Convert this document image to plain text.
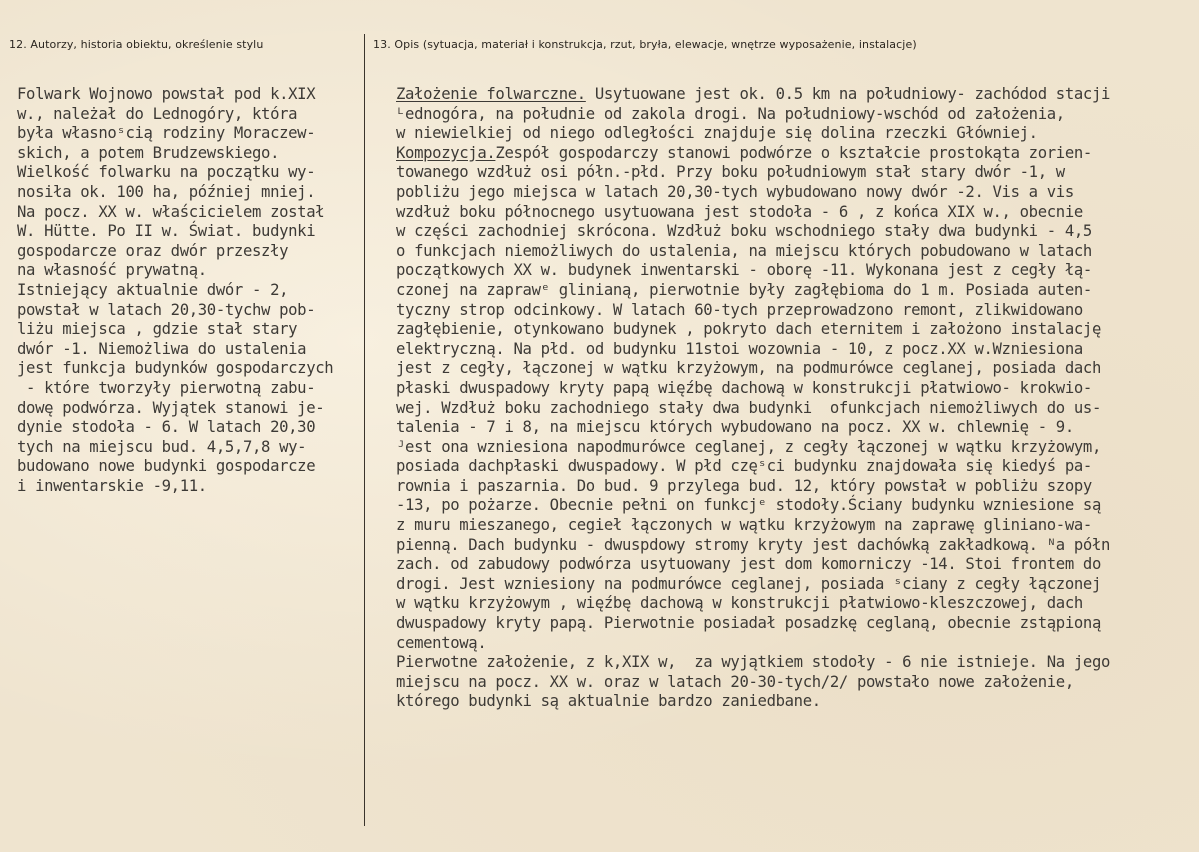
12. Autorzy, historia obiektu, określenie stylu	13. Opis (sytuacja, materiał i konstrukcja, rzut, bryła, elewacje, wnętrze wyposażenie, instalacje)
Folwark Wojnowo powstał pod k.XIX
w., należał do Lednogóry, która
była własnoˢcią rodziny Moraczew-
skich, a potem Brudzewskiego.
Wielkość folwarku na początku wy-
nosiła ok. 100 ha, później mniej.
Na pocz. XX w. właścicielem został
W. Hütte. Po II w. Świat. budynki
gospodarcze oraz dwór przeszły
na własność prywatną.
Istniejący aktualnie dwór - 2,
powstał w latach 20,30-tychw pob-
liżu miejsca , gdzie stał stary
dwór -1. Niemożliwa do ustalenia
jest funkcja budynków gospodarczych
- które tworzyły pierwotną zabu-
dowę podwórza. Wyjątek stanowi je-
dynie stodoła - 6. W latach 20,30
tych na miejscu bud. 4,5,7,8 wy-
budowano nowe budynki gospodarcze
i inwentarskie -9,11.
Założenie folwarczne. Usytuowane jest ok. 0.5 km na południowy- zachódod stacji
ᴸednogóra, na południe od zakola drogi. Na południowy-wschód od założenia,
w niewielkiej od niego odległości znajduje się dolina rzeczki Główniej.
Kompozycja.Zespół gospodarczy stanowi podwórze o kształcie prostokąta zorien-
towanego wzdłuż osi półn.-płd. Przy boku południowym stał stary dwór -1, w
pobliżu jego miejsca w latach 20,30-tych wybudowano nowy dwór -2. Vis a vis
wzdłuż boku północnego usytuowana jest stodoła - 6 , z końca XIX w., obecnie
w części zachodniej skrócona. Wzdłuż boku wschodniego stały dwa budynki - 4,5
o funkcjach niemożliwych do ustalenia, na miejscu których pobudowano w latach
początkowych XX w. budynek inwentarski - oborę -11. Wykonana jest z cegły łą-
czonej na zaprawᵉ glinianą, pierwotnie były zagłębioma do 1 m. Posiada auten-
tyczny strop odcinkowy. W latach 60-tych przeprowadzono remont, zlikwidowano
zagłębienie, otynkowano budynek , pokryto dach eternitem i założono instalację
elektryczną. Na płd. od budynku 11stoi wozownia - 10, z pocz.XX w.Wzniesiona
jest z cegły, łączonej w wątku krzyżowym, na podmurówce ceglanej, posiada dach
płaski dwuspadowy kryty papą więźbę dachową w konstrukcji płatwiowo- krokwio-
wej. Wzdłuż boku zachodniego stały dwa budynki  ofunkcjach niemożliwych do us-
talenia - 7 i 8, na miejscu których wybudowano na pocz. XX w. chlewnię - 9.
ᴶest ona wzniesiona napodmurówce ceglanej, z cegły łączonej w wątku krzyżowym,
posiada dachpłaski dwuspadowy. W płd częˢci budynku znajdowała się kiedyś pa-
rownia i paszarnia. Do bud. 9 przylega bud. 12, który powstał w pobliżu szopy
-13, po pożarze. Obecnie pełni on funkcjᵉ stodoły.Ściany budynku wzniesione są
z muru mieszanego, cegieł łączonych w wątku krzyżowym na zaprawę gliniano-wa-
pienną. Dach budynku - dwuspdowy stromy kryty jest dachówką zakładkową. ᴺa półn
zach. od zabudowy podwórza usytuowany jest dom komorniczy -14. Stoi frontem do
drogi. Jest wzniesiony na podmurówce ceglanej, posiada ˢciany z cegły łączonej
w wątku krzyżowym , więźbę dachową w konstrukcji płatwiowo-kleszczowej, dach
dwuspadowy kryty papą. Pierwotnie posiadał posadzkę ceglaną, obecnie zstąpioną
cementową.
Pierwotne założenie, z k,XIX w,  za wyjątkiem stodoły - 6 nie istnieje. Na jego
miejscu na pocz. XX w. oraz w latach 20-30-tych/2/ powstało nowe założenie,
którego budynki są aktualnie bardzo zaniedbane.
